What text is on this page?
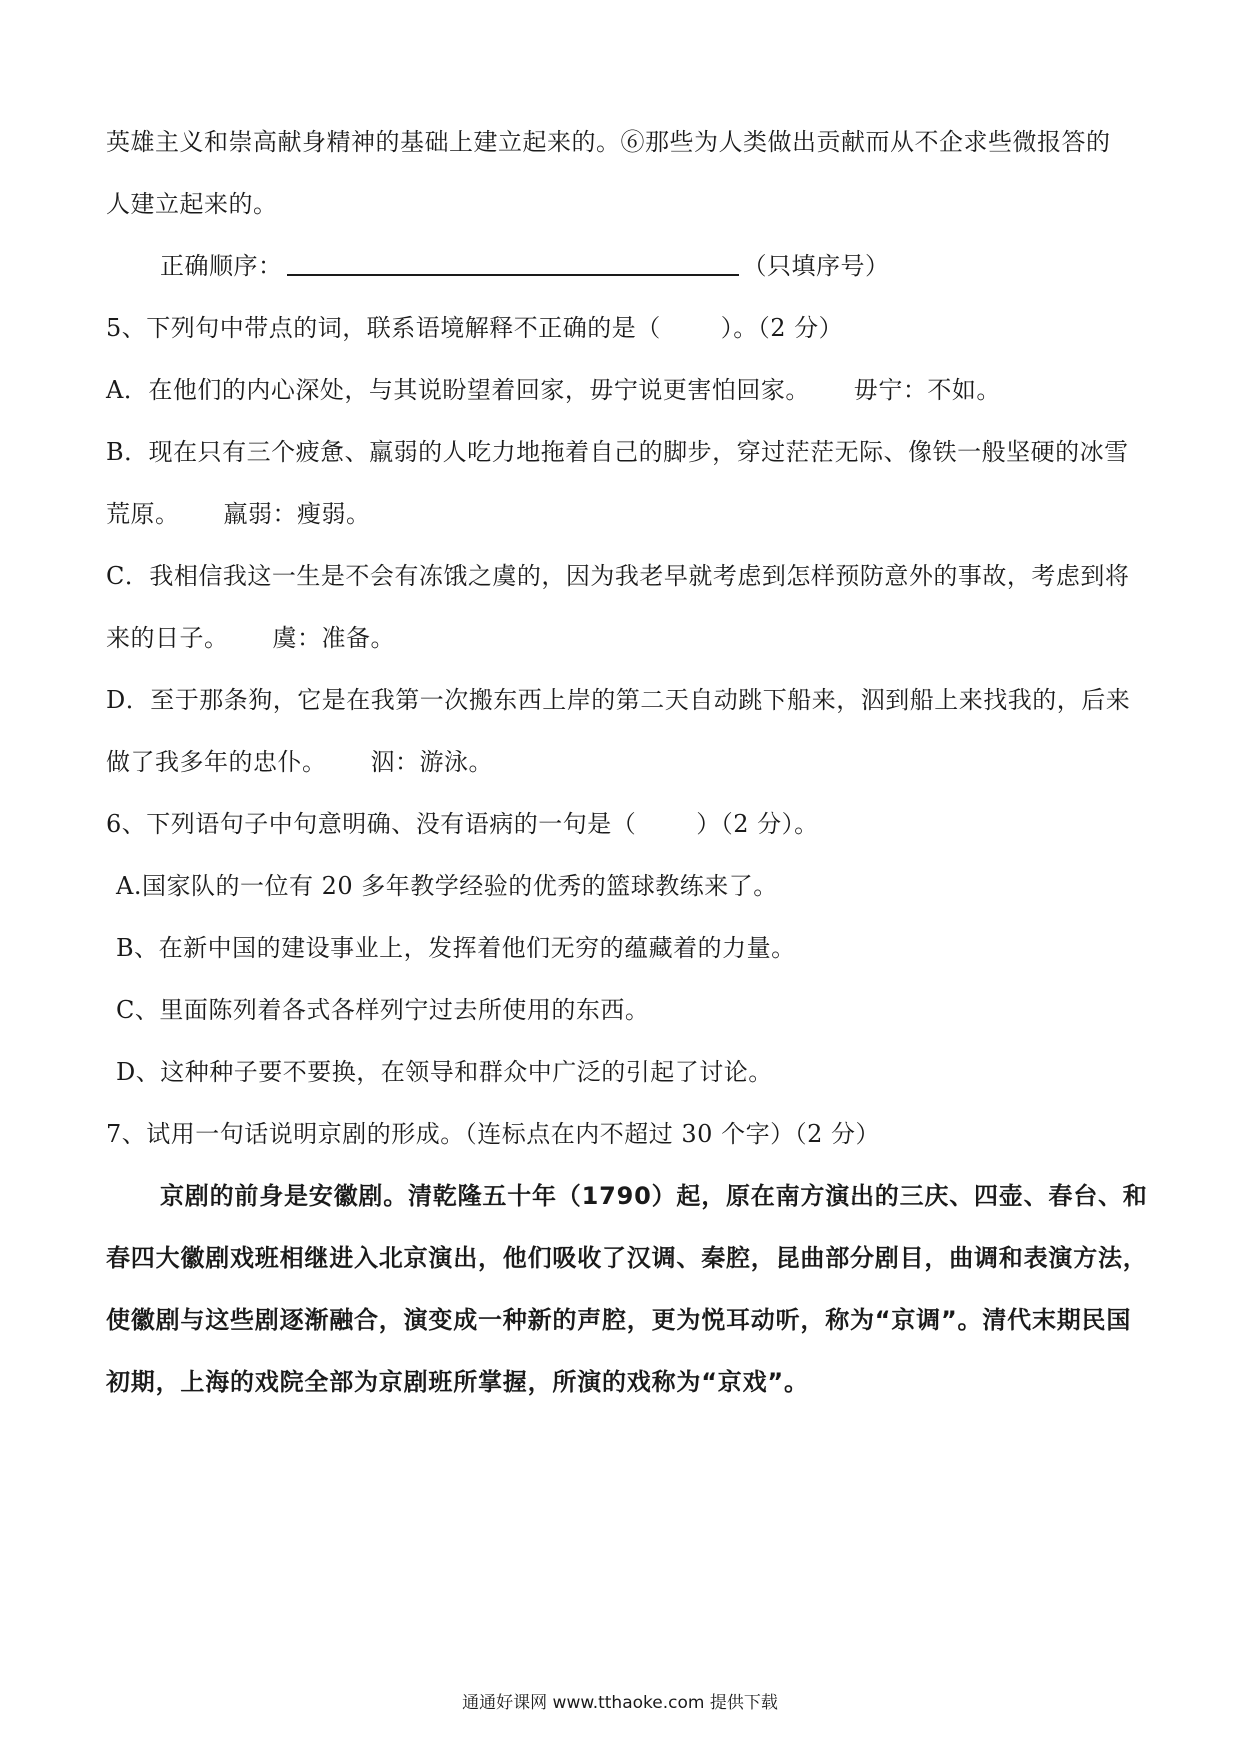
英雄主义和崇高献身精神的基础上建立起来的。⑥那些为人类做出贡献而从不企求些微报答的
人建立起来的。
正确顺序：	（只填序号）
5、下列句中带点的词，联系语境解释不正确的是（	）。（2 分）
A．在他们的内心深处，与其说盼望着回家，毋宁说更害怕回家。 毋宁：不如。
B．现在只有三个疲惫、羸弱的人吃力地拖着自己的脚步，穿过茫茫无际、像铁一般坚硬的冰雪
荒原。 羸弱：瘦弱。
C．我相信我这一生是不会有冻饿之虞的，因为我老早就考虑到怎样预防意外的事故，考虑到将
来的日子。 虞：准备。
D．至于那条狗，它是在我第一次搬东西上岸的第二天自动跳下船来，泅到船上来找我的，后来
做了我多年的忠仆。 泅：游泳。
6、下列语句子中句意明确、没有语病的一句是（	）（2 分）。
A.国家队的一位有 20 多年教学经验的优秀的篮球教练来了。
B、在新中国的建设事业上，发挥着他们无穷的蕴藏着的力量。
C、里面陈列着各式各样列宁过去所使用的东西。
D、这种种子要不要换，在领导和群众中广泛的引起了讨论。
7、试用一句话说明京剧的形成。（连标点在内不超过 30 个字）（2 分）
京剧的前身是安徽剧。清乾隆五十年（1790）起，原在南方演出的三庆、四壶、春台、和
春四大徽剧戏班相继进入北京演出，他们吸收了汉调、秦腔，昆曲部分剧目，曲调和表演方法，
使徽剧与这些剧逐渐融合，演变成一种新的声腔，更为悦耳动听，称为“京调”。清代末期民国
初期，上海的戏院全部为京剧班所掌握，所演的戏称为“京戏”。
通通好课网 www.tthaoke.com 提供下载
